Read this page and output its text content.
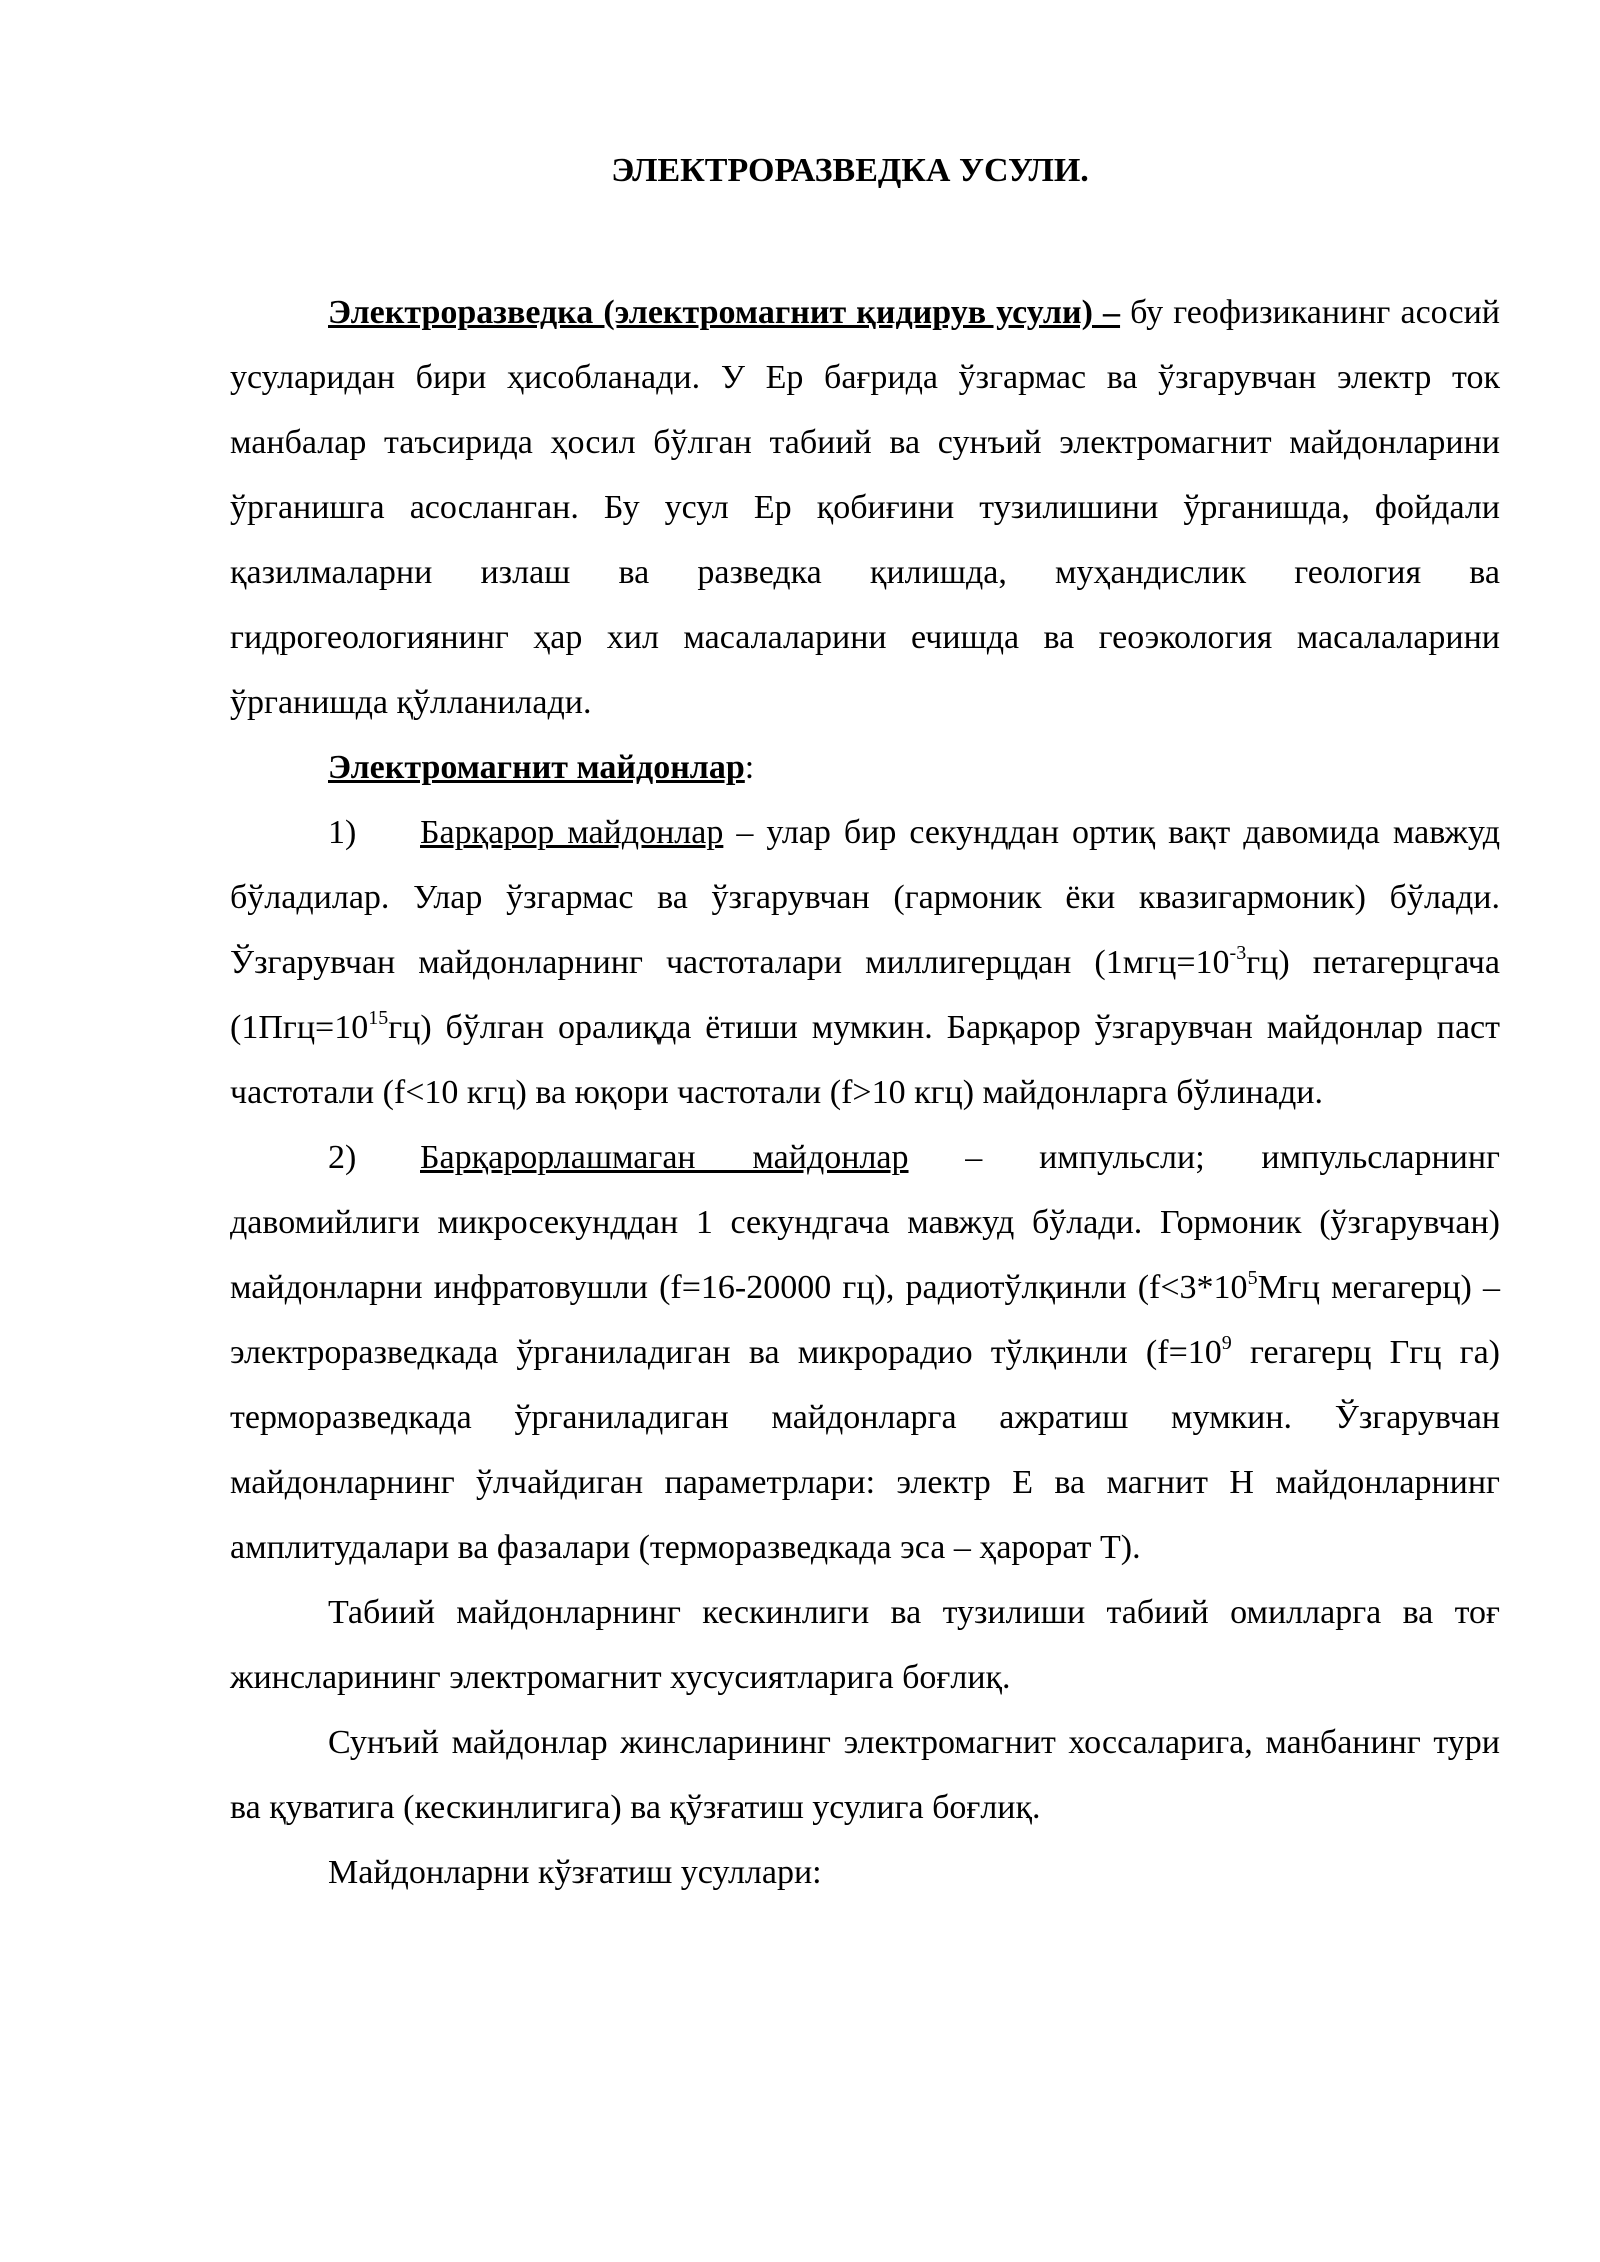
ЭЛЕКТРОРАЗВЕДКА УСУЛИ.

Электроразведка (электромагнит қидирув усули) – бу геофизиканинг асосий усуларидан бири ҳисобланади. У Ер бағрида ўзгармас ва ўзгарувчан электр ток манбалар таъсирида ҳосил бўлган табиий ва сунъий электромагнит майдонларини ўрганишга асосланган. Бу усул Ер қобиғини тузилишини ўрганишда, фойдали қазилмаларни излаш ва разведка қилишда, муҳандислик геология ва гидрогеологиянинг ҳар хил масалаларини ечишда ва геоэкология масалаларини ўрганишда қўлланилади.

Электромагнит майдонлар:

1) Барқарор майдонлар – улар бир секунддан ортиқ вақт давомида мавжуд бўладилар. Улар ўзгармас ва ўзгарувчан (гармоник ёки квазигармоник) бўлади. Ўзгарувчан майдонларнинг частоталари миллигерцдан $(1мгц=10^{-3}гц)$ петагерцгача $(1Пгц=10^{15}гц)$ бўлган оралиқда ётиши мумкин. Барқарор ўзгарувчан майдонлар паст частотали (f<10 кгц) ва юқори частотали (f>10 кгц) майдонларга бўлинади.

2) Барқарорлашмаган майдонлар – импульсли; импульсларнинг давомийлиги микросекунддан 1 секундгача мавжуд бўлади. Гормоник (ўзгарувчан) майдонларни инфратовушли (f=16-20000 гц), радиотўлқинли ($f<3*10^5Мгц$ мегагерц) – электроразведкада ўрганиладиган ва микрорадио тўлқинли ($f=10^9$ гегагерц Ггц га) терморазведкада ўрганиладиган майдонларга ажратиш мумкин. Ўзгарувчан майдонларнинг ўлчайдиган параметрлари: электр Е ва магнит Н майдонларнинг амплитудалари ва фазалари (терморазведкада эса – ҳарорат Т).

Табиий майдонларнинг кескинлиги ва тузилиши табиий омилларга ва тоғ жинсларининг электромагнит хусусиятларига боғлиқ.

Сунъий майдонлар жинсларининг электромагнит хоссаларига, манбанинг тури ва қуватига (кескинлигига) ва қўзғатиш усулига боғлиқ.

Майдонларни кўзғатиш усуллари:
